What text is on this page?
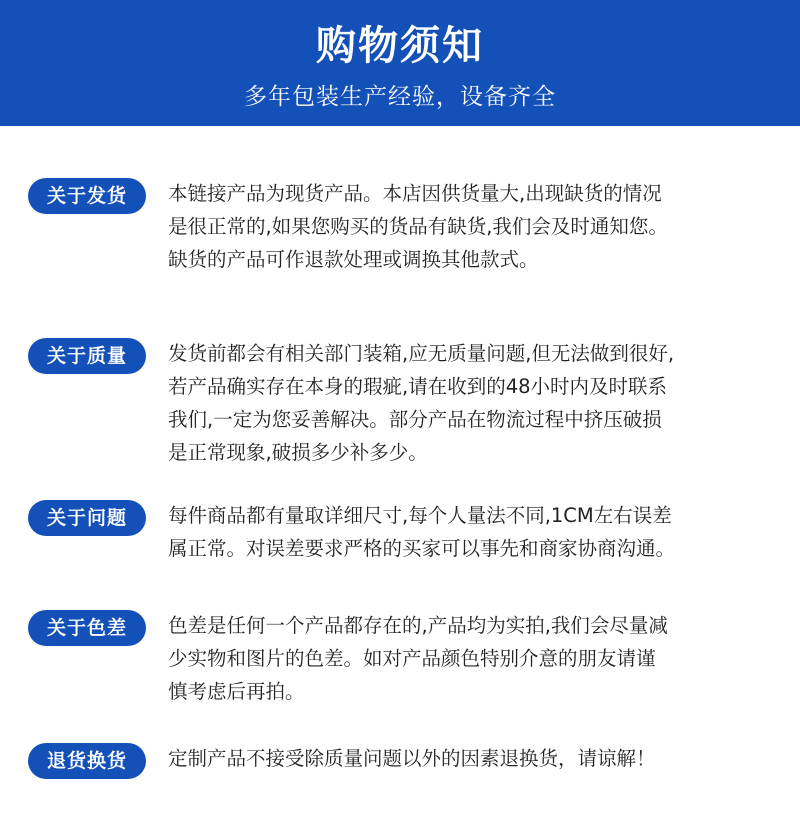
购物须知
多年包装生产经验，设备齐全
关于发货	本链接产品为现货产品。本店因供货量大,出现缺货的情况
是很正常的,如果您购买的货品有缺货,我们会及时通知您。
缺货的产品可作退款处理或调换其他款式。
关于质量	发货前都会有相关部门装箱,应无质量问题,但无法做到很好,
若产品确实存在本身的瑕疵,请在收到的48小时内及时联系
我们,一定为您妥善解决。部分产品在物流过程中挤压破损
是正常现象,破损多少补多少。
关于问题	每件商品都有量取详细尺寸,每个人量法不同,1CM左右误差
属正常。对误差要求严格的买家可以事先和商家协商沟通。
关于色差	色差是任何一个产品都存在的,产品均为实拍,我们会尽量减
少实物和图片的色差。如对产品颜色特别介意的朋友请谨
慎考虑后再拍。
退货换货	定制产品不接受除质量问题以外的因素退换货，请谅解！
